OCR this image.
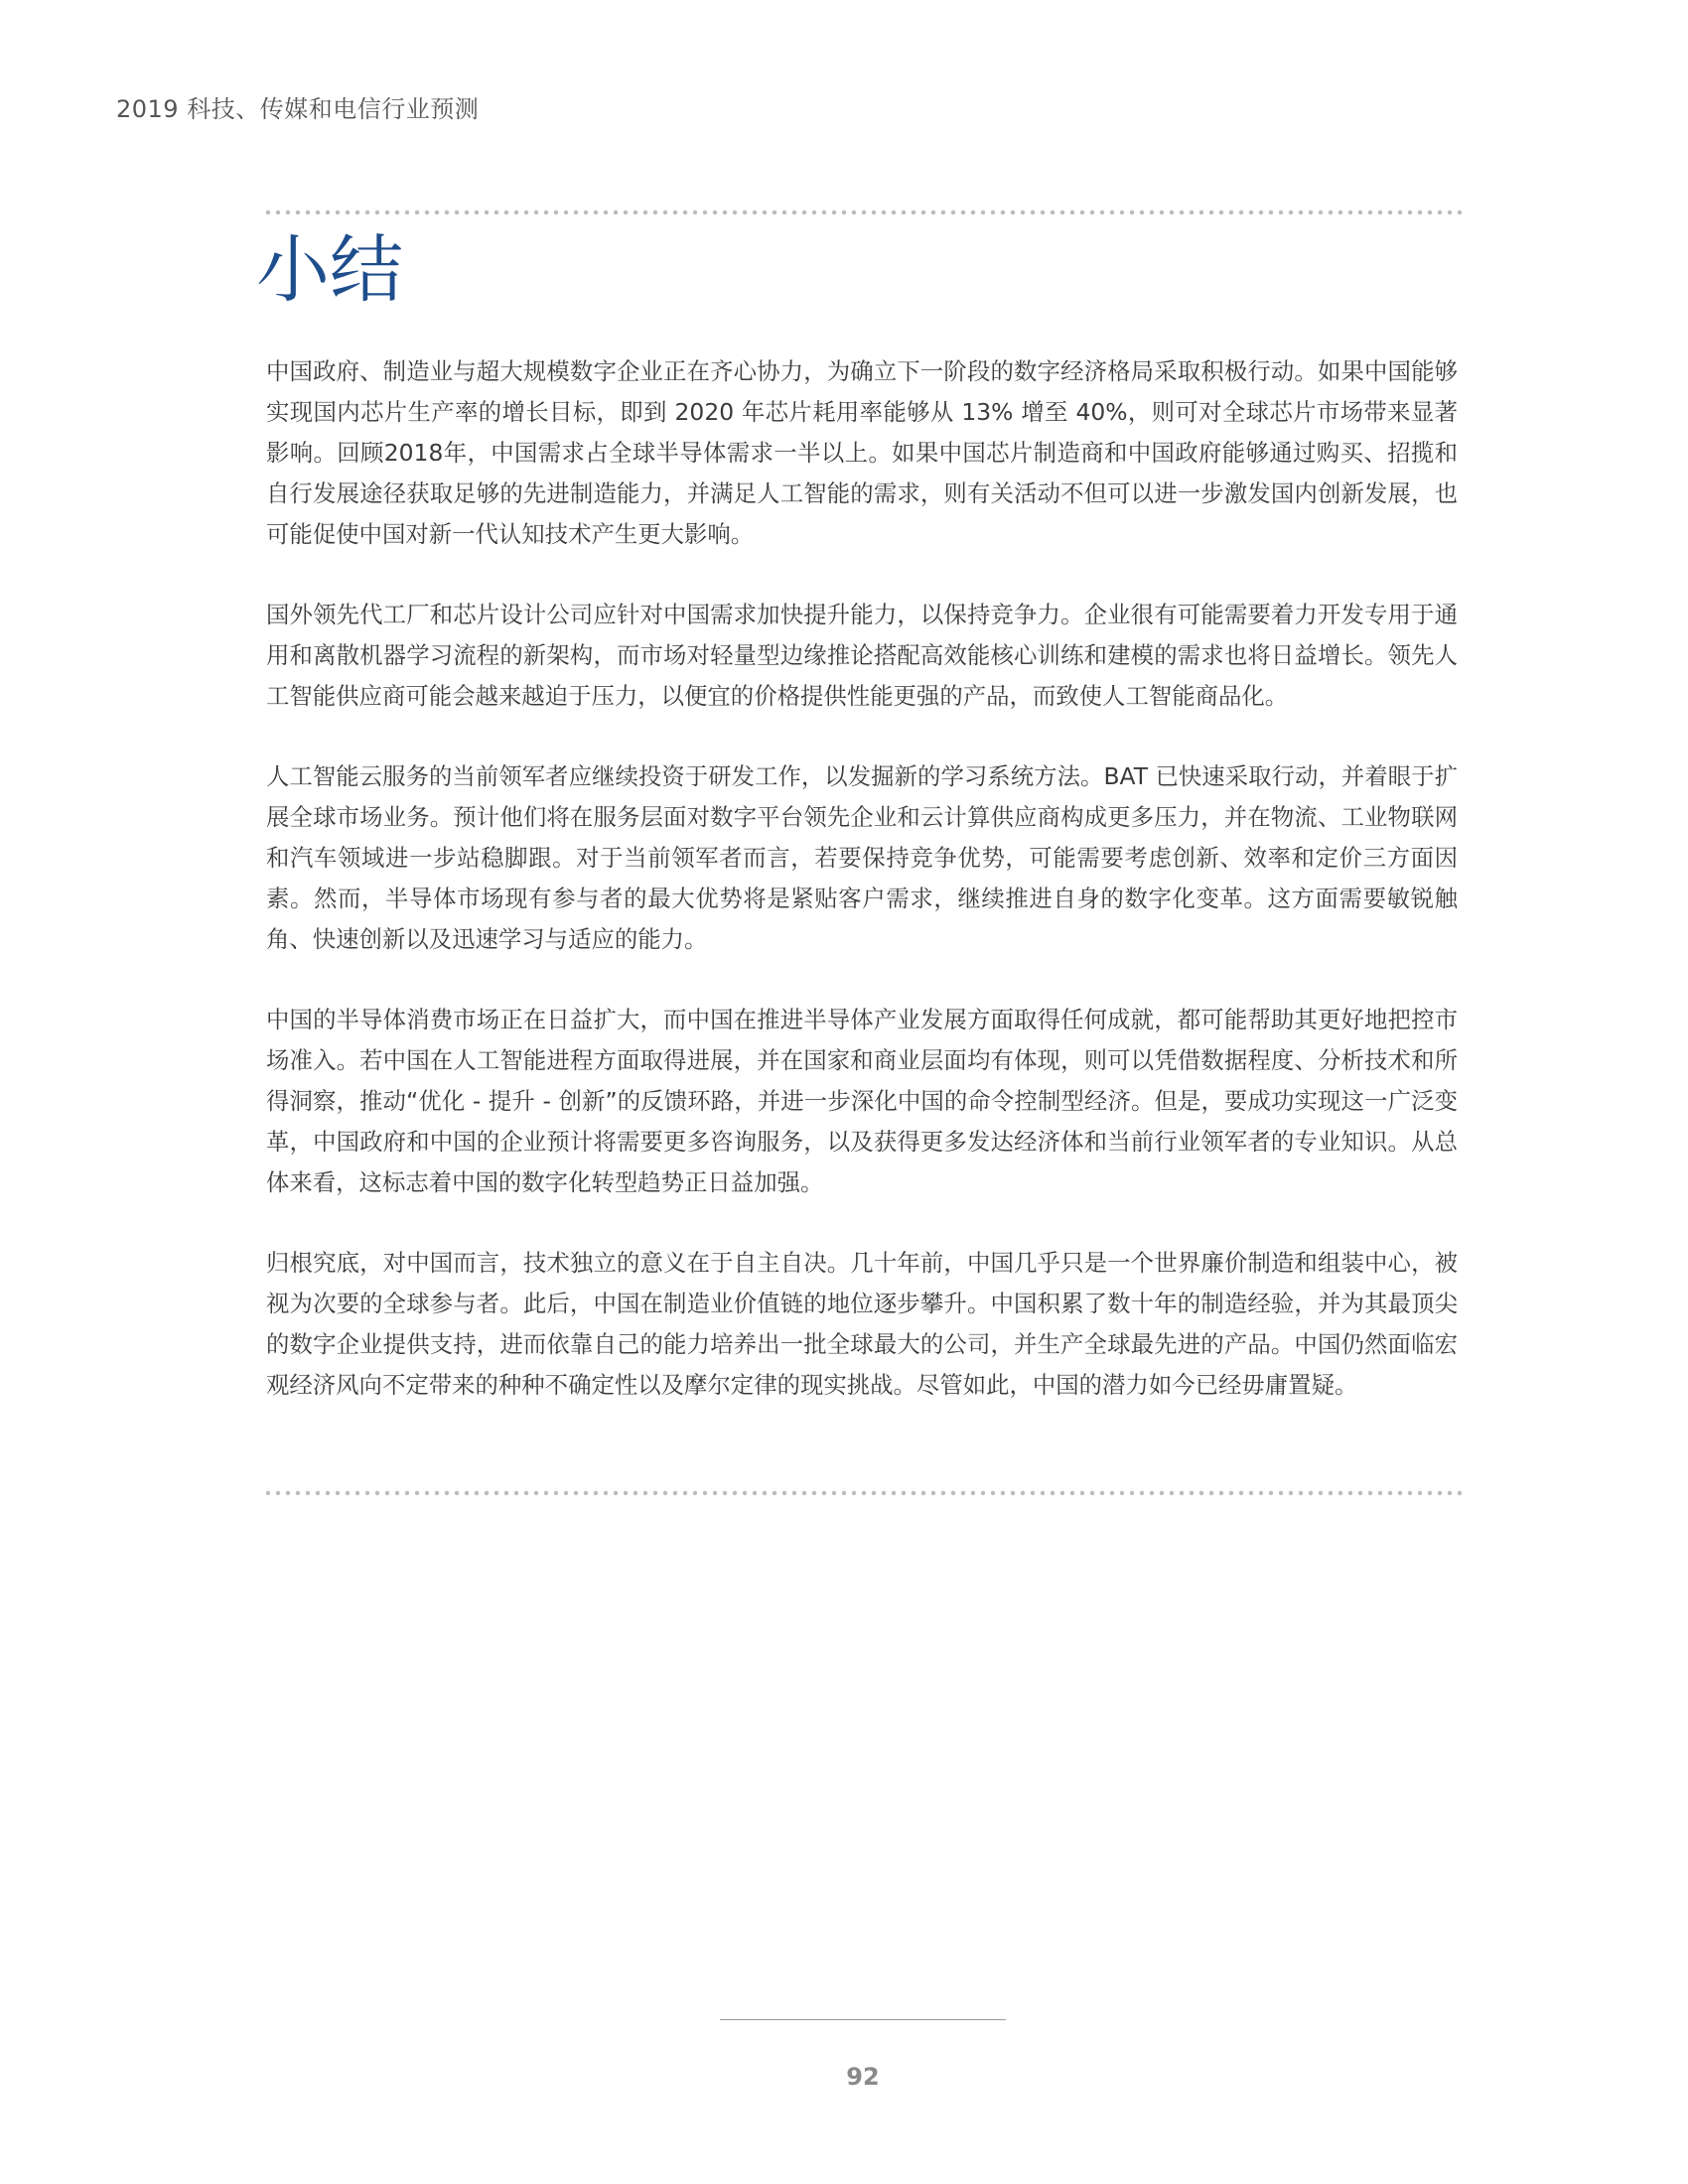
2019 科技、传媒和电信行业预测
小结

中国政府、制造业与超大规模数字企业正在齐心协力，为确立下一阶段的数字经济格局采取积极行动。如果中国能够实现国内芯片生产率的增长目标，即到 2020 年芯片耗用率能够从 13% 增至 40%，则可对全球芯片市场带来显著影响。回顾2018年，中国需求占全球半导体需求一半以上。如果中国芯片制造商和中国政府能够通过购买、招揽和自行发展途径获取足够的先进制造能力，并满足人工智能的需求，则有关活动不但可以进一步激发国内创新发展，也可能促使中国对新一代认知技术产生更大影响。

国外领先代工厂和芯片设计公司应针对中国需求加快提升能力，以保持竞争力。企业很有可能需要着力开发专用于通用和离散机器学习流程的新架构，而市场对轻量型边缘推论搭配高效能核心训练和建模的需求也将日益增长。领先人工智能供应商可能会越来越迫于压力，以便宜的价格提供性能更强的产品，而致使人工智能商品化。

人工智能云服务的当前领军者应继续投资于研发工作，以发掘新的学习系统方法。BAT 已快速采取行动，并着眼于扩展全球市场业务。预计他们将在服务层面对数字平台领先企业和云计算供应商构成更多压力，并在物流、工业物联网和汽车领域进一步站稳脚跟。对于当前领军者而言，若要保持竞争优势，可能需要考虑创新、效率和定价三方面因素。然而，半导体市场现有参与者的最大优势将是紧贴客户需求，继续推进自身的数字化变革。这方面需要敏锐触角、快速创新以及迅速学习与适应的能力。

中国的半导体消费市场正在日益扩大，而中国在推进半导体产业发展方面取得任何成就，都可能帮助其更好地把控市场准入。若中国在人工智能进程方面取得进展，并在国家和商业层面均有体现，则可以凭借数据程度、分析技术和所得洞察，推动“优化 - 提升 - 创新”的反馈环路，并进一步深化中国的命令控制型经济。但是，要成功实现这一广泛变革，中国政府和中国的企业预计将需要更多咨询服务，以及获得更多发达经济体和当前行业领军者的专业知识。从总体来看，这标志着中国的数字化转型趋势正日益加强。

归根究底，对中国而言，技术独立的意义在于自主自决。几十年前，中国几乎只是一个世界廉价制造和组装中心，被视为次要的全球参与者。此后，中国在制造业价值链的地位逐步攀升。中国积累了数十年的制造经验，并为其最顶尖的数字企业提供支持，进而依靠自己的能力培养出一批全球最大的公司，并生产全球最先进的产品。中国仍然面临宏观经济风向不定带来的种种不确定性以及摩尔定律的现实挑战。尽管如此，中国的潜力如今已经毋庸置疑。

92
